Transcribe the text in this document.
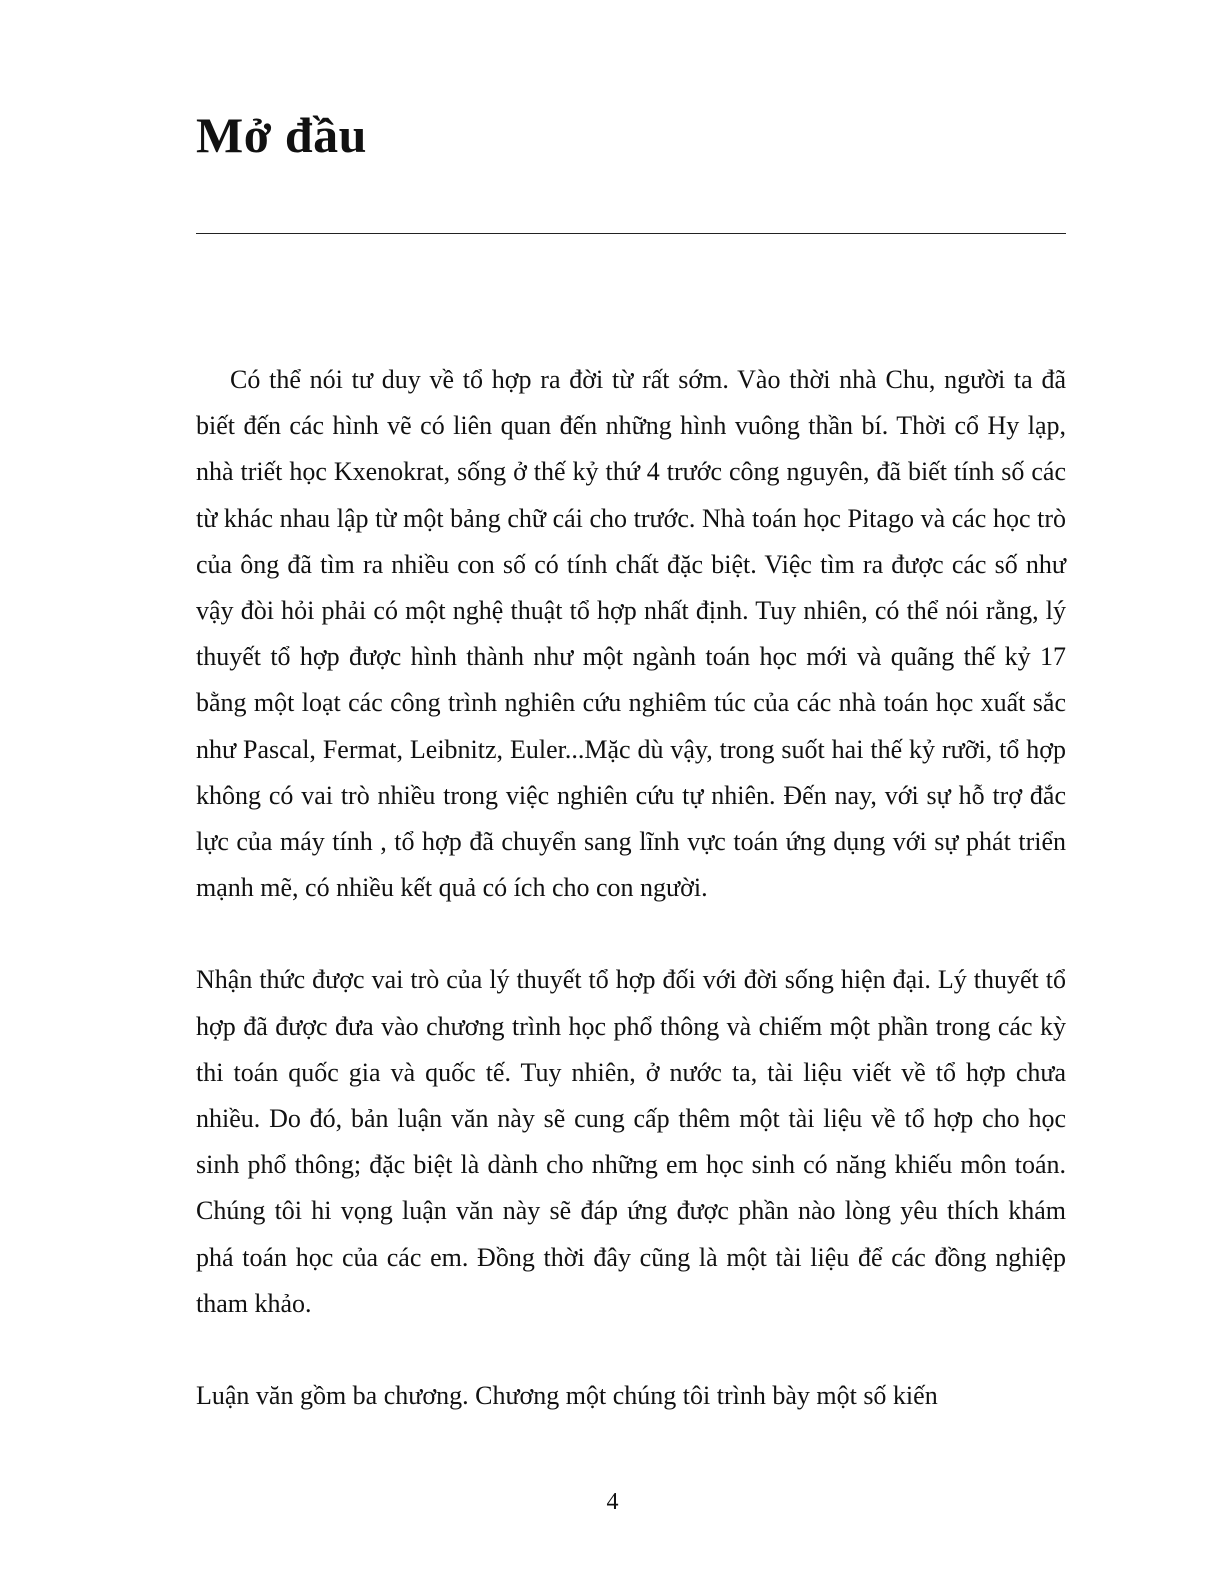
Mở đầu

Có thể nói tư duy về tổ hợp ra đời từ rất sớm. Vào thời nhà Chu, người ta đã biết đến các hình vẽ có liên quan đến những hình vuông thần bí. Thời cổ Hy lạp, nhà triết học Kxenokrat, sống ở thế kỷ thứ 4 trước công nguyên, đã biết tính số các từ khác nhau lập từ một bảng chữ cái cho trước. Nhà toán học Pitago và các học trò của ông đã tìm ra nhiều con số có tính chất đặc biệt. Việc tìm ra được các số như vậy đòi hỏi phải có một nghệ thuật tổ hợp nhất định. Tuy nhiên, có thể nói rằng, lý thuyết tổ hợp được hình thành như một ngành toán học mới và quãng thế kỷ 17 bằng một loạt các công trình nghiên cứu nghiêm túc của các nhà toán học xuất sắc như Pascal, Fermat, Leibnitz, Euler...Mặc dù vậy, trong suốt hai thế kỷ rưỡi, tổ hợp không có vai trò nhiều trong việc nghiên cứu tự nhiên. Đến nay, với sự hỗ trợ đắc lực của máy tính , tổ hợp đã chuyển sang lĩnh vực toán ứng dụng với sự phát triển mạnh mẽ, có nhiều kết quả có ích cho con người.

Nhận thức được vai trò của lý thuyết tổ hợp đối với đời sống hiện đại. Lý thuyết tổ hợp đã được đưa vào chương trình học phổ thông và chiếm một phần trong các kỳ thi toán quốc gia và quốc tế. Tuy nhiên, ở nước ta, tài liệu viết về tổ hợp chưa nhiều. Do đó, bản luận văn này sẽ cung cấp thêm một tài liệu về tổ hợp cho học sinh phổ thông; đặc biệt là dành cho những em học sinh có năng khiếu môn toán. Chúng tôi hi vọng luận văn này sẽ đáp ứng được phần nào lòng yêu thích khám phá toán học của các em. Đồng thời đây cũng là một tài liệu để các đồng nghiệp tham khảo.

Luận văn gồm ba chương. Chương một chúng tôi trình bày một số kiến

4
